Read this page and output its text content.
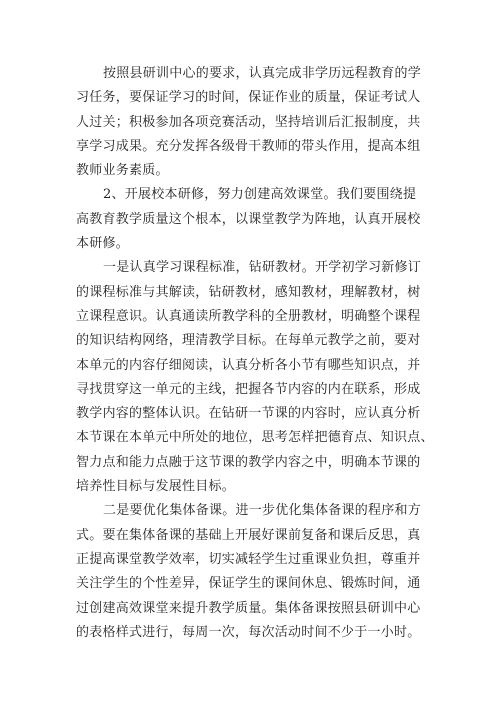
按照县研训中心的要求，认真完成非学历远程教育的学
习任务，要保证学习的时间，保证作业的质量，保证考试人
人过关；积极参加各项竞赛活动，坚持培训后汇报制度，共
享学习成果。充分发挥各级骨干教师的带头作用，提高本组
教师业务素质。
2、开展校本研修，努力创建高效课堂。我们要围绕提
高教育教学质量这个根本，以课堂教学为阵地，认真开展校
本研修。
一是认真学习课程标准，钻研教材。开学初学习新修订
的课程标准与其解读，钻研教材，感知教材，理解教材，树
立课程意识。认真通读所教学科的全册教材，明确整个课程
的知识结构网络，理清教学目标。在每单元教学之前，要对
本单元的内容仔细阅读，认真分析各小节有哪些知识点，并
寻找贯穿这一单元的主线，把握各节内容的内在联系，形成
教学内容的整体认识。在钻研一节课的内容时，应认真分析
本节课在本单元中所处的地位，思考怎样把德育点、知识点、
智力点和能力点融于这节课的教学内容之中，明确本节课的
培养性目标与发展性目标。
二是要优化集体备课。进一步优化集体备课的程序和方
式。要在集体备课的基础上开展好课前复备和课后反思，真
正提高课堂教学效率，切实减轻学生过重课业负担，尊重并
关注学生的个性差异，保证学生的课间休息、锻炼时间，通
过创建高效课堂来提升教学质量。集体备课按照县研训中心
的表格样式进行，每周一次，每次活动时间不少于一小时。
